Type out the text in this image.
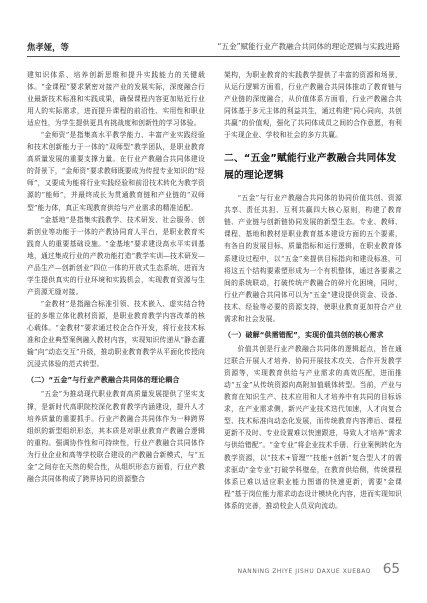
焦孝娅，等	“五金”赋能行业产教融合共同体的理论逻辑与实践进路

建知识体系、培养创新思维和提升实践能力的关键载体。“金课程”要求紧密对接产业的发展实际，深度融合行业最新技术标准和实践成果，确保课程内容更加贴近行业用人的实际需求，进而提升课程的前沿性、实用性和职业适应性，为学生提供更具有挑战度和创新性的学习体验。

“金师资”是指集高水平教学能力、丰富产业实践经验和技术创新能力于一体的“双师型”教学团队，是职业教育高质量发展的重要支撑力量。在行业产教融合共同体建设的背景下，“金师资”要求教师既要成为传授专业知识的“经师”，又要成为能将行业实践经验和前沿技术转化为教学资源的“能师”，并最终成长为贯通教育链和产业链的“双师型”能力体，真正实现教育供给与产业需求的精准适配。

“金基地”是指集实践教学、技术研发、社会服务、创新创业等功能于一体的产教协同育人平台，是职业教育实践育人的重要基础设施。“金基地”要求建设高水平实训基地，通过集成行业的产教功能打造“教学实训—技术研发—产品生产—创新创业”四位一体的开放式生态系统，进而为学生提供真实的行业环境和实践机会，实现教育资源与生产资源无缝对接。

“金教材”是指融合标准引领、技术嵌入、虚实结合特征的多维立体化教材资源，是职业教育教学内容改革的核心载体。“金教材”要求通过校企合作开发，将行业技术标准和企业典型案例融入教材内容，实现知识传递从“静态灌输”向“动态交互”升级，推动职业教育教学从平面化传授向沉浸式体验的范式转型。

（二）“五金”与行业产教融合共同体的理论耦合

“五金”为推动现代职业教育高质量发展提供了坚实支撑，是新时代高职院校深化教育教学内涵建设，提升人才培养质量的重要抓手。行业产教融合共同体作为一种跨界组织的新型组织形态，其本质是对职业教育产教融合逻辑的重构。强调协作性和可持续性，行业产教融合共同体作为行业企业和高等学校联合建设的产教融合新模式，与“五金”之间存在天然的契合性，从组织形态方面看，行业产教融合共同体构成了跨界协同的资源整合

架构，为职业教育的实践教学提供了丰富的资源和场景，从运行逻辑方面看，行业产教融合共同体推动了教育链与产业链的深度融合，从价值体系方面看，行业产教融合共同体基于多元主体的利益共生，通过构建“同心同向、共创共赢”的价值观，强化了共同体成员之间的合作意愿，有利于实现企业、学校和社会的多方共赢。

二、“五金”赋能行业产教融合共同体发展的理论逻辑

“五金”与行业产教融合共同体的协同价值共创、资源共享、责任共担、互利共赢四大核心原则，构建了教育链、产业链与创新链协同发展的新型生态。专业、教师、课程、基地和教材是职业教育基本建设方面的五个要素，有各自的发展目标、质量指标和运行逻辑，在职业教育体系建设过程中，以“五金”来提供目标指向和建设标准，可将这五个结构要素塑形成为一个有机整体，通过各要素之间的系统联动，打破传统产教融合的碎片化困境，同时，行业产教融合共同体可以为“五金”建设提供资金、设备、技术、经验等必要的资源支持，使职业教育更加符合产业需求和社会发展。

（一）破解“供需错配”，实现价值共创的核心需求

价值共创是行业产教融合共同体的逻辑起点，旨在通过联合开展人才培养、协同开展技术攻关、合作开发教学资源等，实现教育供给与产业需求的高效匹配，进而推动“五金”从传统资源向高附加值载体转型。当前，产业与教育在知识生产、技术应用和人才培养中有共同的目标诉求，在产业需求侧，新兴产业技术迭代加速，人才向复合型、技术标准向动态化发展，而传统教育内容滞后、课程更新不及时、专业设置难以快速跟进，导致人才培养“需求与供给错配”。“金专业”将企业技术手册、行业案例转化为教学资源，以“技术+管理”“技能+创新”复合型人才的需求驱动“金专业”打破学科壁垒，在教育供给侧，传统课程体系已难以适应职业能力图谱的快速更新，需要“金课程”基于岗位能力需求动态设计模块化内容，进而实现知识体系的完善，推动校企人员双向流动。

NANNING ZHIYE JISHU DAXUE XUEBAO 65
